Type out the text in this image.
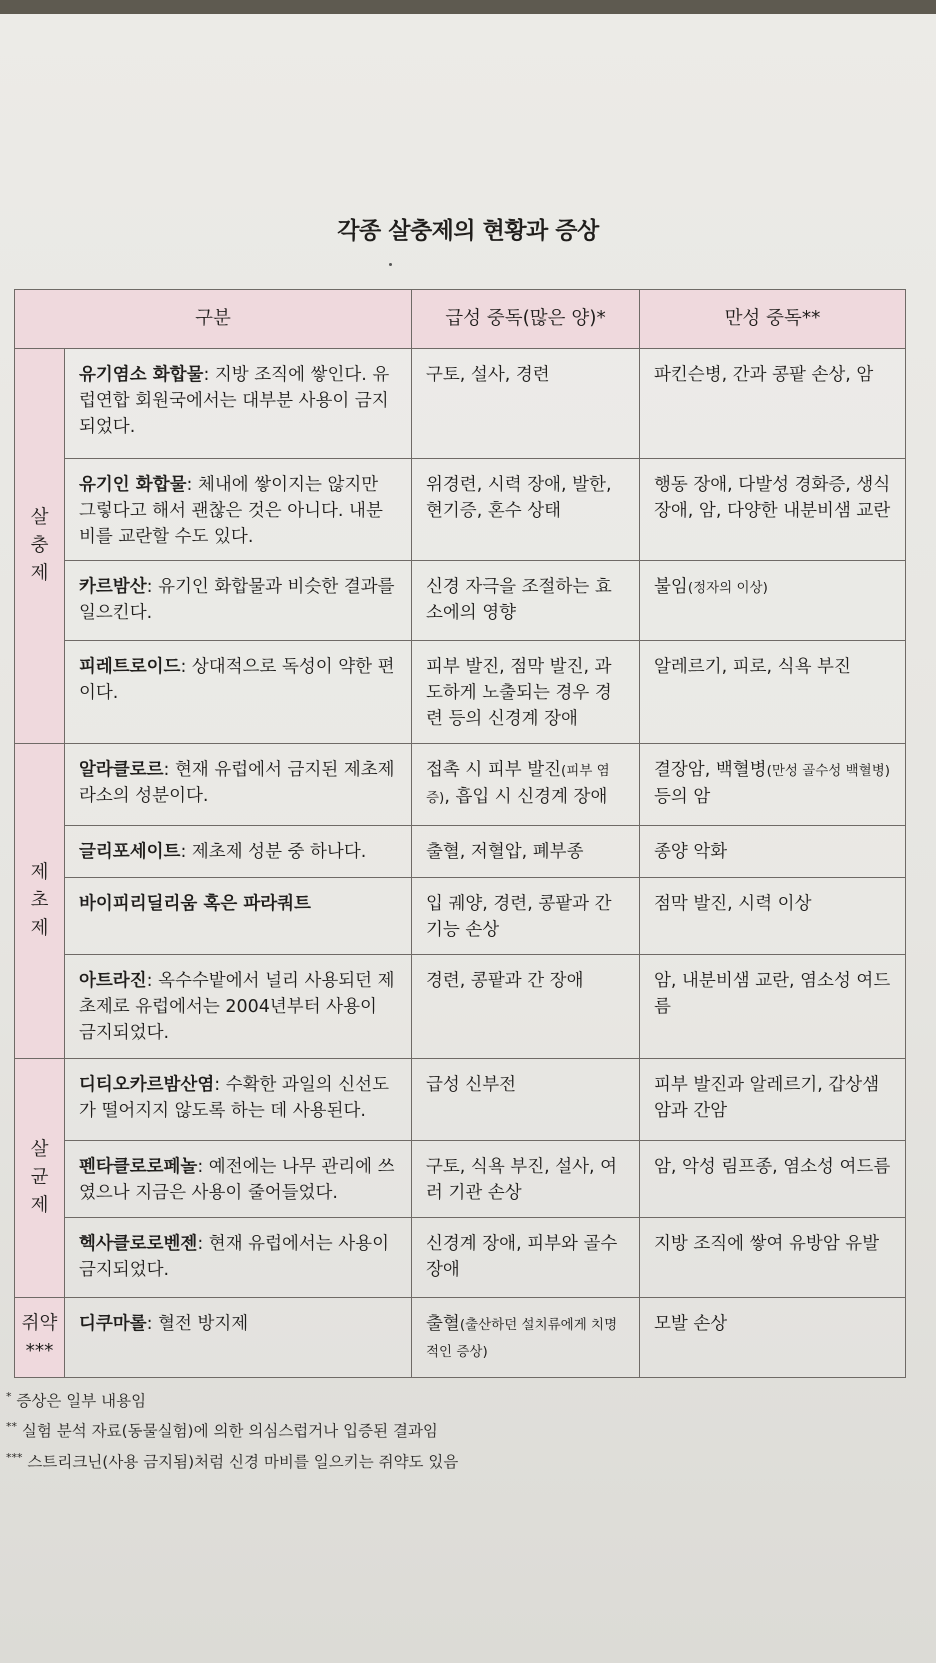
각종 살충제의 현황과 증상
구분		급성 중독(많은 양)*	만성 중독**

살
충
제	유기염소 화합물: 지방 조직에 쌓인다. 유럽연합 회원국에서는 대부분 사용이 금지되었다.	구토, 설사, 경련	파킨슨병, 간과 콩팥 손상, 암
	유기인 화합물: 체내에 쌓이지는 않지만 그렇다고 해서 괜찮은 것은 아니다. 내분비를 교란할 수도 있다.	위경련, 시력 장애, 발한, 현기증, 혼수 상태	행동 장애, 다발성 경화증, 생식 장애, 암, 다양한 내분비샘 교란
	카르밤산: 유기인 화합물과 비슷한 결과를 일으킨다.	신경 자극을 조절하는 효소에의 영향	불임(정자의 이상)
	피레트로이드: 상대적으로 독성이 약한 편이다.	피부 발진, 점막 발진, 과도하게 노출되는 경우 경련 등의 신경계 장애	알레르기, 피로, 식욕 부진

제
초
제	알라클로르: 현재 유럽에서 금지된 제초제 라소의 성분이다.	접촉 시 피부 발진(피부 염증), 흡입 시 신경계 장애	결장암, 백혈병(만성 골수성 백혈병) 등의 암
	글리포세이트: 제초제 성분 중 하나다.	출혈, 저혈압, 폐부종	종양 악화
	바이피리딜리움 혹은 파라쿼트	입 궤양, 경련, 콩팥과 간 기능 손상	점막 발진, 시력 이상
	아트라진: 옥수수밭에서 널리 사용되던 제초제로 유럽에서는 2004년부터 사용이 금지되었다.	경련, 콩팥과 간 장애	암, 내분비샘 교란, 염소성 여드름

살
균
제	디티오카르밤산염: 수확한 과일의 신선도가 떨어지지 않도록 하는 데 사용된다.	급성 신부전	피부 발진과 알레르기, 갑상샘암과 간암
	펜타클로로페놀: 예전에는 나무 관리에 쓰였으나 지금은 사용이 줄어들었다.	구토, 식욕 부진, 설사, 여러 기관 손상	암, 악성 림프종, 염소성 여드름
	헥사클로로벤젠: 현재 유럽에서는 사용이 금지되었다.	신경계 장애, 피부와 골수 장애	지방 조직에 쌓여 유방암 유발

쥐약
***	디쿠마롤: 혈전 방지제	출혈(출산하던 설치류에게 치명적인 증상)	모발 손상
* 증상은 일부 내용임
** 실험 분석 자료(동물실험)에 의한 의심스럽거나 입증된 결과임
*** 스트리크닌(사용 금지됨)처럼 신경 마비를 일으키는 쥐약도 있음
